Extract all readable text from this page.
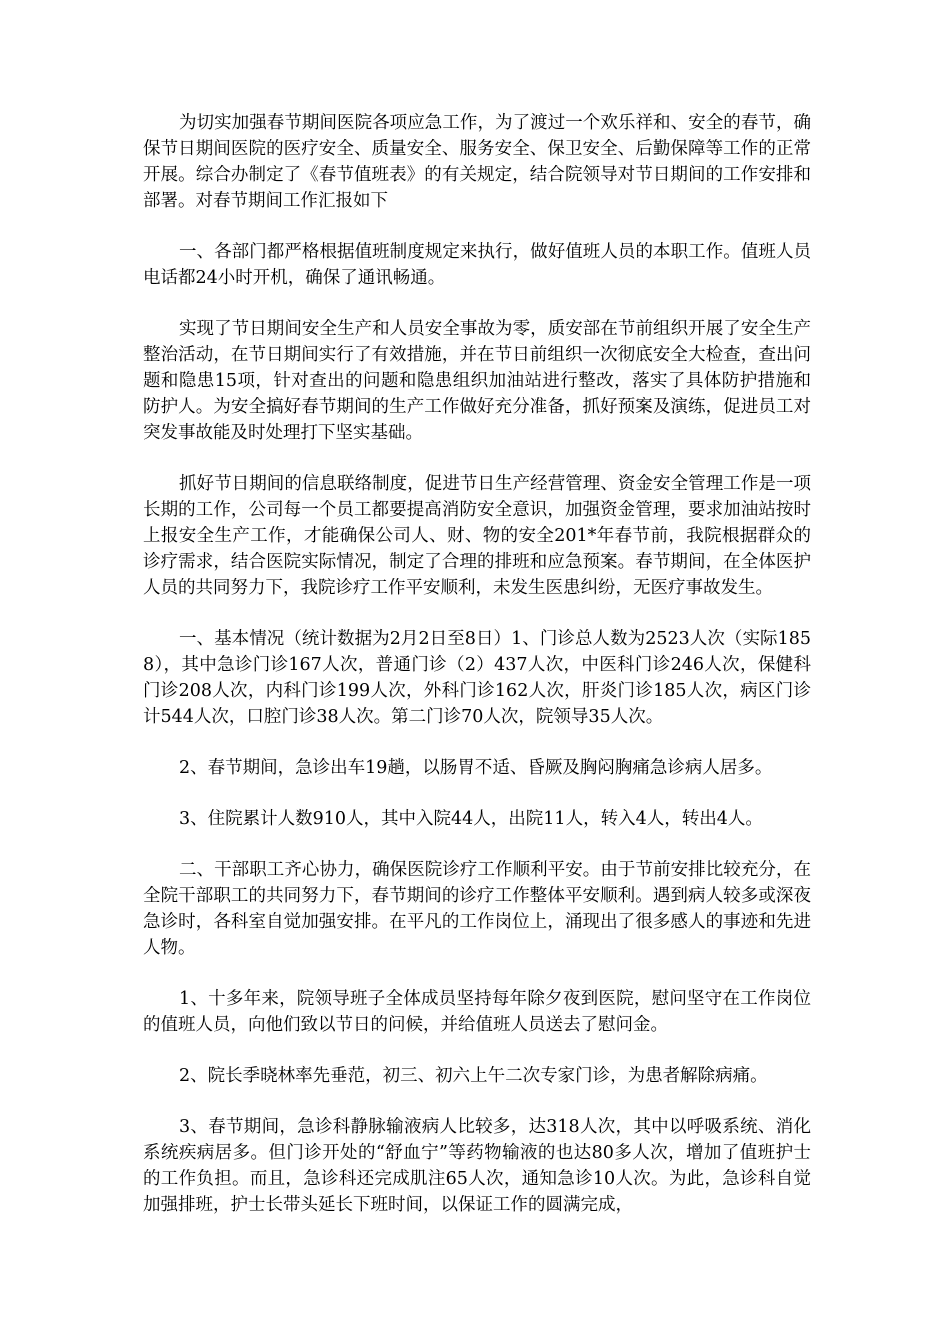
为切实加强春节期间医院各项应急工作，为了渡过一个欢乐祥和、安全的春节，确保节日期间医院的医疗安全、质量安全、服务安全、保卫安全、后勤保障等工作的正常开展。综合办制定了《春节值班表》的有关规定，结合院领导对节日期间的工作安排和部署。对春节期间工作汇报如下

一、各部门都严格根据值班制度规定来执行，做好值班人员的本职工作。值班人员电话都24小时开机，确保了通讯畅通。

实现了节日期间安全生产和人员安全事故为零，质安部在节前组织开展了安全生产整治活动，在节日期间实行了有效措施，并在节日前组织一次彻底安全大检查，查出问题和隐患15项，针对查出的问题和隐患组织加油站进行整改，落实了具体防护措施和防护人。为安全搞好春节期间的生产工作做好充分准备，抓好预案及演练，促进员工对突发事故能及时处理打下坚实基础。

抓好节日期间的信息联络制度，促进节日生产经营管理、资金安全管理工作是一项长期的工作，公司每一个员工都要提高消防安全意识，加强资金管理，要求加油站按时上报安全生产工作，才能确保公司人、财、物的安全201*年春节前，我院根据群众的诊疗需求，结合医院实际情况，制定了合理的排班和应急预案。春节期间，在全体医护人员的共同努力下，我院诊疗工作平安顺利，未发生医患纠纷，无医疗事故发生。

一、基本情况（统计数据为2月2日至8日）1、门诊总人数为2523人次（实际1858），其中急诊门诊167人次，普通门诊（2）437人次，中医科门诊246人次，保健科门诊208人次，内科门诊199人次，外科门诊162人次，肝炎门诊185人次，病区门诊计544人次，口腔门诊38人次。第二门诊70人次，院领导35人次。

2、春节期间，急诊出车19趟，以肠胃不适、昏厥及胸闷胸痛急诊病人居多。

3、住院累计人数910人，其中入院44人，出院11人，转入4人，转出4人。

二、干部职工齐心协力，确保医院诊疗工作顺利平安。由于节前安排比较充分，在全院干部职工的共同努力下，春节期间的诊疗工作整体平安顺利。遇到病人较多或深夜急诊时，各科室自觉加强安排。在平凡的工作岗位上，涌现出了很多感人的事迹和先进人物。

1、十多年来，院领导班子全体成员坚持每年除夕夜到医院，慰问坚守在工作岗位的值班人员，向他们致以节日的问候，并给值班人员送去了慰问金。

2、院长季晓林率先垂范，初三、初六上午二次专家门诊，为患者解除病痛。

3、春节期间，急诊科静脉输液病人比较多，达318人次，其中以呼吸系统、消化系统疾病居多。但门诊开处的“舒血宁”等药物输液的也达80多人次，增加了值班护士的工作负担。而且，急诊科还完成肌注65人次，通知急诊10人次。为此，急诊科自觉加强排班，护士长带头延长下班时间，以保证工作的圆满完成，
